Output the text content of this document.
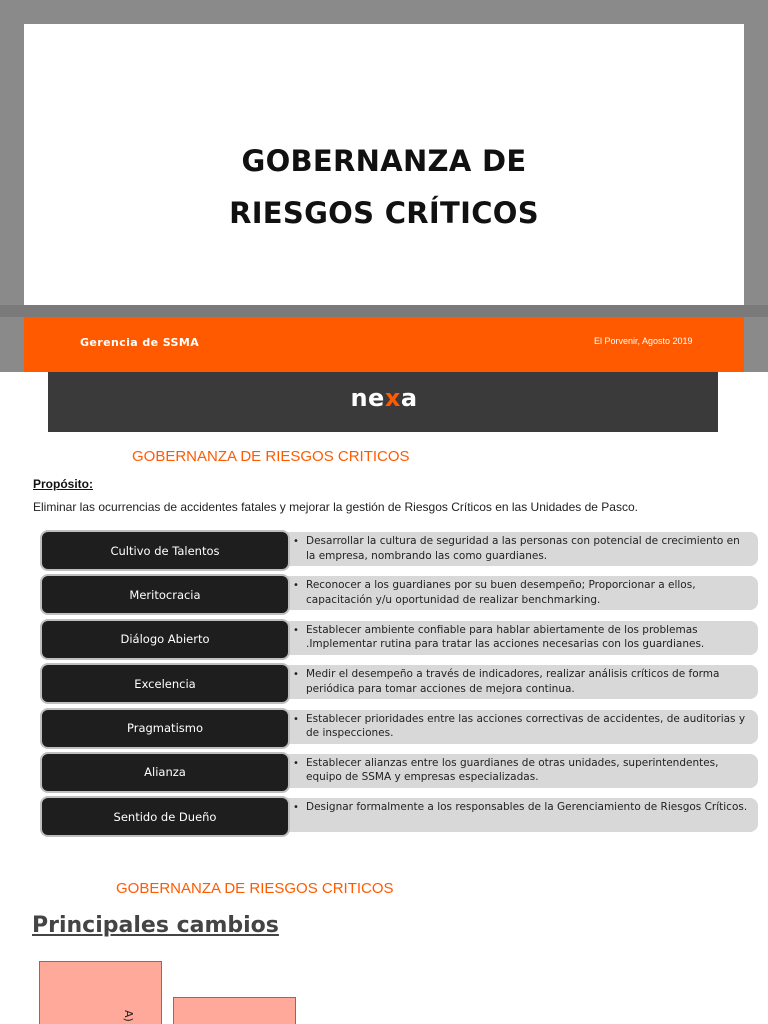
GOBERNANZA DE
RIESGOS CRÍTICOS
Gerencia de SSMA	El Porvenir, Agosto 2019
nexa
GOBERNANZA DE RIESGOS CRITICOS
Propósito:
Eliminar las ocurrencias de accidentes fatales y mejorar la gestión de Riesgos Críticos en las Unidades de Pasco.
• Desarrollar la cultura de seguridad a las personas con potencial de crecimiento en la empresa, nombrando las como guardianes.
Cultivo de Talentos
• Reconocer a los guardianes por su buen desempeño; Proporcionar a ellos, capacitación y/u oportunidad de realizar benchmarking.
Meritocracia
• Establecer ambiente confiable para hablar abiertamente de los problemas .Implementar rutina para tratar las acciones necesarias con los guardianes.
Diálogo Abierto
• Medir el desempeño a través de indicadores, realizar análisis críticos de forma periódica para tomar acciones de mejora continua.
Excelencia
• Establecer prioridades entre las acciones correctivas de accidentes, de auditorias y de inspecciones.
Pragmatismo
• Establecer alianzas entre los guardianes de otras unidades, superintendentes, equipo de SSMA y empresas especializadas.
Alianza
• Designar formalmente a los responsables de la Gerenciamiento de Riesgos Críticos.
Sentido de Dueño
GOBERNANZA DE RIESGOS CRITICOS
Principales cambios
A)
